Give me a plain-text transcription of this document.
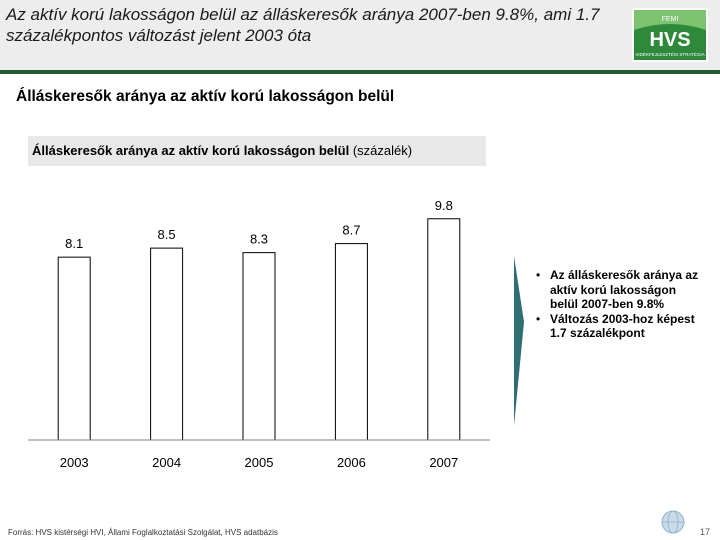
Az aktív korú lakosságon belül az álláskeresők aránya 2007-ben 9.8%, ami 1.7 százalékpontos változást jelent 2003 óta
FEMI
HVS
VIDÉKFEJLESZTÉSI STRATÉGIA
Álláskeresők aránya az aktív korú lakosságon belül
Álláskeresők aránya az aktív korú lakosságon belül (százalék)
8.1
2003
8.5
2004
8.3
2005
8.7
2006
9.8
2007
• Az álláskeresők aránya az aktív korú lakosságon belül 2007-ben 9.8%
• Változás 2003-hoz képest 1.7 százalékpont
Forrás: HVS kistérségi HVI, Állami Foglalkoztatási Szolgálat, HVS adatbázis	17
